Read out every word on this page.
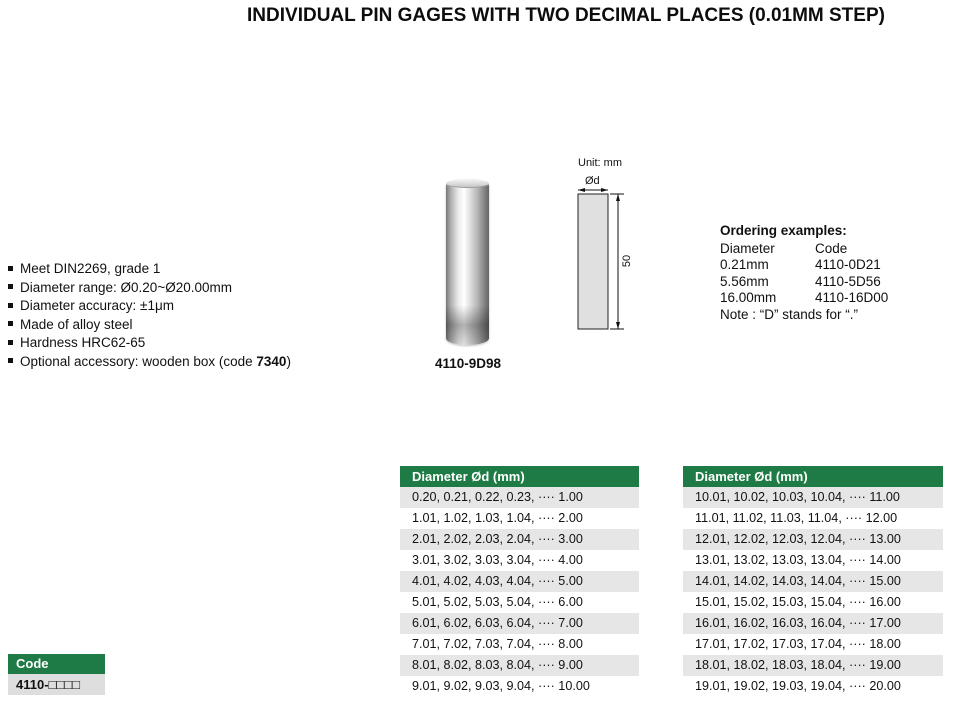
INDIVIDUAL PIN GAGES WITH TWO DECIMAL PLACES (0.01MM STEP)
Meet DIN2269, grade 1
Diameter range: Ø0.20~Ø20.00mm
Diameter accuracy: ±1μm
Made of alloy steel
Hardness HRC62-65
Optional accessory: wooden box (code 7340)	4110-9D98
Unit: mm
Ød
50
Ordering examples:
Diameter	Code
0.21mm	4110-0D21
5.56mm	4110-5D56
16.00mm	4110-16D00
Note : “D” stands for “.”
Diameter Ød (mm)
0.20, 0.21, 0.22, 0.23, ···· 1.00
1.01, 1.02, 1.03, 1.04, ···· 2.00
2.01, 2.02, 2.03, 2.04, ···· 3.00
3.01, 3.02, 3.03, 3.04, ···· 4.00
4.01, 4.02, 4.03, 4.04, ···· 5.00
5.01, 5.02, 5.03, 5.04, ···· 6.00
6.01, 6.02, 6.03, 6.04, ···· 7.00
7.01, 7.02, 7.03, 7.04, ···· 8.00
8.01, 8.02, 8.03, 8.04, ···· 9.00
9.01, 9.02, 9.03, 9.04, ···· 10.00
Diameter Ød (mm)
10.01, 10.02, 10.03, 10.04, ···· 11.00
11.01, 11.02, 11.03, 11.04, ···· 12.00
12.01, 12.02, 12.03, 12.04, ···· 13.00
13.01, 13.02, 13.03, 13.04, ···· 14.00
14.01, 14.02, 14.03, 14.04, ···· 15.00
15.01, 15.02, 15.03, 15.04, ···· 16.00
16.01, 16.02, 16.03, 16.04, ···· 17.00
17.01, 17.02, 17.03, 17.04, ···· 18.00
18.01, 18.02, 18.03, 18.04, ···· 19.00
19.01, 19.02, 19.03, 19.04, ···· 20.00
Code
4110-□□□□
